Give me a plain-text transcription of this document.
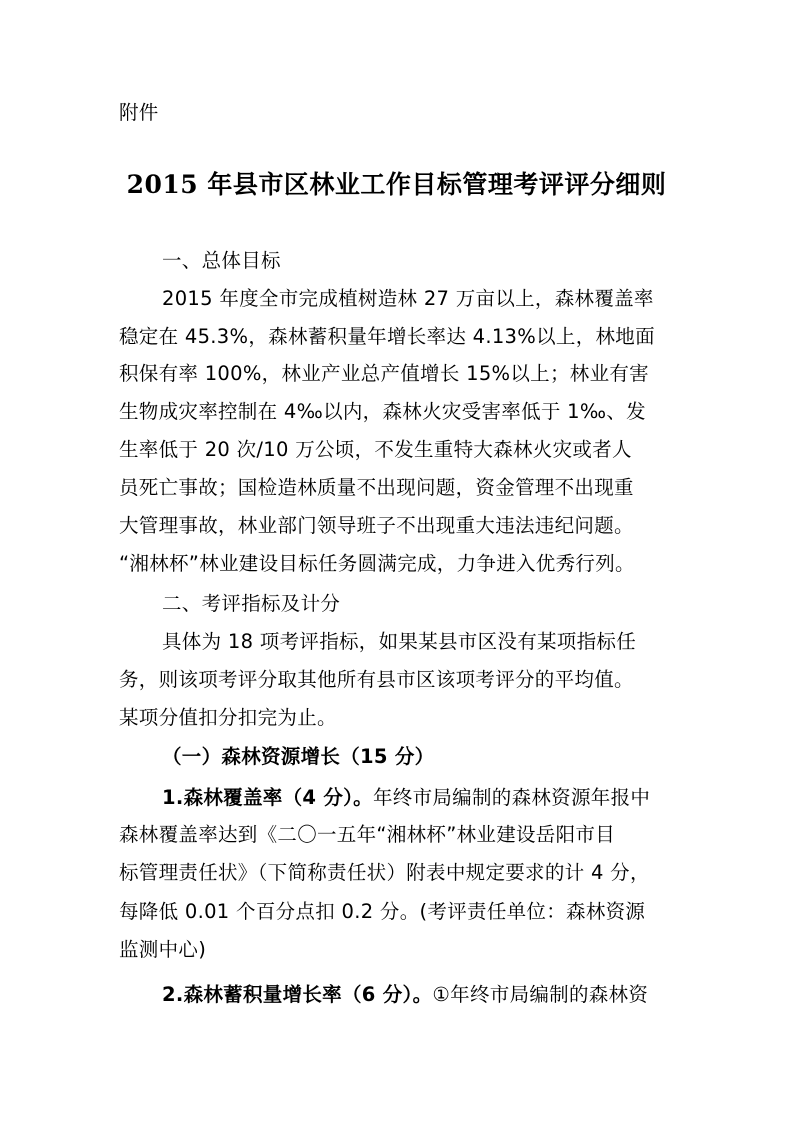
附件
2015 年县市区林业工作目标管理考评评分细则
一、总体目标
2015 年度全市完成植树造林 27 万亩以上，森林覆盖率
稳定在 45.3%，森林蓄积量年增长率达 4.13%以上，林地面
积保有率 100%，林业产业总产值增长 15%以上；林业有害
生物成灾率控制在 4‰以内，森林火灾受害率低于 1‰、发
生率低于 20 次/10 万公顷，不发生重特大森林火灾或者人
员死亡事故；国检造林质量不出现问题，资金管理不出现重
大管理事故，林业部门领导班子不出现重大违法违纪问题。
“湘林杯”林业建设目标任务圆满完成，力争进入优秀行列。
二、考评指标及计分
具体为 18 项考评指标，如果某县市区没有某项指标任
务，则该项考评分取其他所有县市区该项考评分的平均值。
某项分值扣分扣完为止。
（一）森林资源增长（15 分）
1.森林覆盖率（4 分）。年终市局编制的森林资源年报中
森林覆盖率达到《二〇一五年“湘林杯”林业建设岳阳市目
标管理责任状》（下简称责任状）附表中规定要求的计 4 分，
每降低 0.01 个百分点扣 0.2 分。(考评责任单位：森林资源
监测中心)
2.森林蓄积量增长率（6 分）。①年终市局编制的森林资
